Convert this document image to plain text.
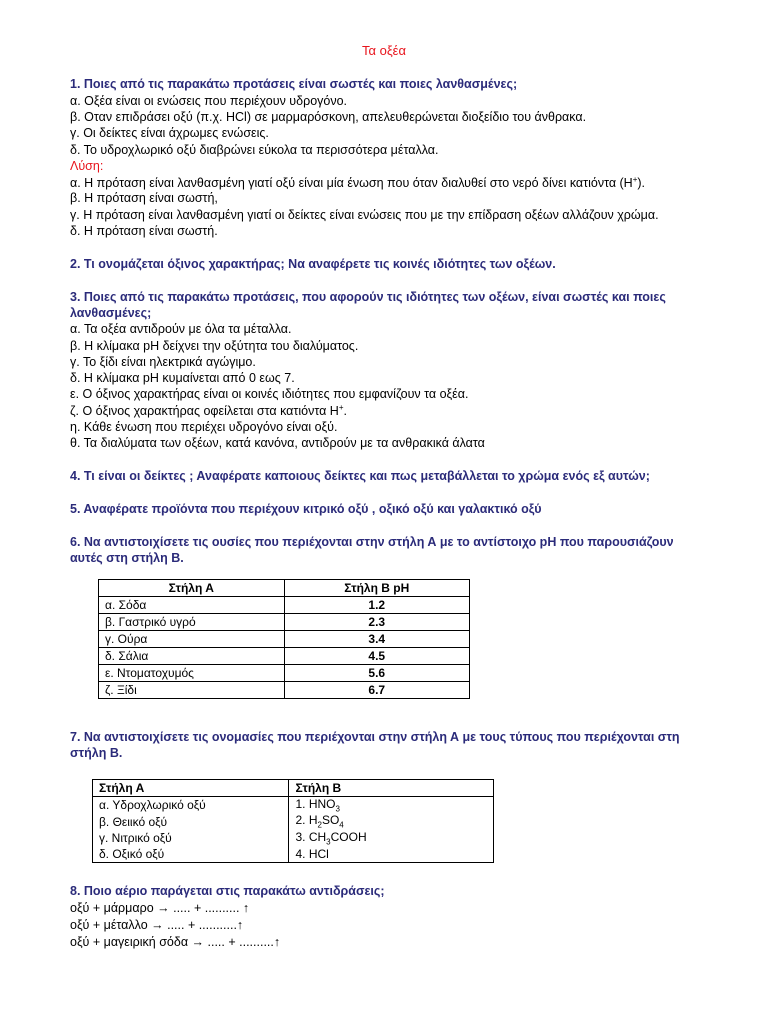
Τα οξέα
1. Ποιες από τις παρακάτω προτάσεις είναι σωστές και ποιες λανθασμένες;
α. Οξέα είναι οι ενώσεις που περιέχουν υδρογόνο.
β. Οταν επιδράσει οξύ (π.χ. HCl) σε μαρμαρόσκονη, απελευθερώνεται διοξείδιο του άνθρακα.
γ. Οι δείκτες είναι άχρωμες ενώσεις.
δ. Το υδροχλωρικό οξύ διαβρώνει εύκολα τα περισσότερα μέταλλα.
Λύση:
α. Η πρόταση είναι λανθασμένη γιατί οξύ είναι μία ένωση που όταν διαλυθεί στο νερό δίνει κατιόντα (H+).
β. Η πρόταση είναι σωστή,
γ. Η πρόταση είναι λανθασμένη γιατί οι δείκτες είναι ενώσεις που με την επίδραση οξέων αλλάζουν χρώμα.
δ. Η πρόταση είναι σωστή.
2. Τι ονομάζεται όξινος χαρακτήρας; Να αναφέρετε τις κοινές ιδιότητες των οξέων.
3. Ποιες από τις παρακάτω προτάσεις, που αφορούν τις ιδιότητες των οξέων, είναι σωστές και ποιες
λανθασμένες;
α. Τα οξέα αντιδρούν με όλα τα μέταλλα.
β. Η κλίμακα pH δείχνει την οξύτητα του διαλύματος.
γ. Το ξίδι είναι ηλεκτρικά αγώγιμο.
δ. Η κλίμακα pH κυμαίνεται από 0 εως 7.
ε. Ο όξινος χαρακτήρας είναι οι κοινές ιδιότητες που εμφανίζουν τα οξέα.
ζ. Ο όξινος χαρακτήρας οφείλεται στα κατιόντα H+.
η. Κάθε ένωση που περιέχει υδρογόνο είναι οξύ.
θ. Τα διαλύματα των οξέων, κατά κανόνα, αντιδρούν με τα ανθρακικά άλατα
4. Τι είναι οι δείκτες ; Αναφέρατε καποιους δείκτες και πως μεταβάλλεται το χρώμα ενός εξ αυτών;
5. Αναφέρατε προϊόντα που περιέχουν κιτρικό οξύ , οξικό οξύ και γαλακτικό οξύ
6. Να αντιστοιχίσετε τις ουσίες που περιέχονται στην στήλη Α με το αντίστοιχο pH που παρουσιάζουν
αυτές στη στήλη Β.
Στήλη Α	Στήλη Β pH
α. Σόδα	1.2
β. Γαστρικό υγρό	2.3
γ. Ούρα	3.4
δ. Σάλια	4.5
ε. Ντοματοχυμός	5.6
ζ. Ξίδι	6.7
7. Να αντιστοιχίσετε τις ονομασίες που περιέχονται στην στήλη Α με τους τύπους που περιέχονται στη
στήλη Β.
Στήλη Α	Στήλη Β
α. Υδροχλωρικό οξύ	1. $HNO_3$
β. Θειικό οξύ	2. $H_2SO_4$
γ. Νιτρικό οξύ	3. $CH_3COOH$
δ. Οξικό οξύ	4. HCl
8. Ποιο αέριο παράγεται στις παρακάτω αντιδράσεις;
οξύ + μάρμαρο → ..... + .......... ↑
οξύ + μέταλλο → ..... + ...........↑
οξύ + μαγειρική σόδα → ..... + ..........↑
